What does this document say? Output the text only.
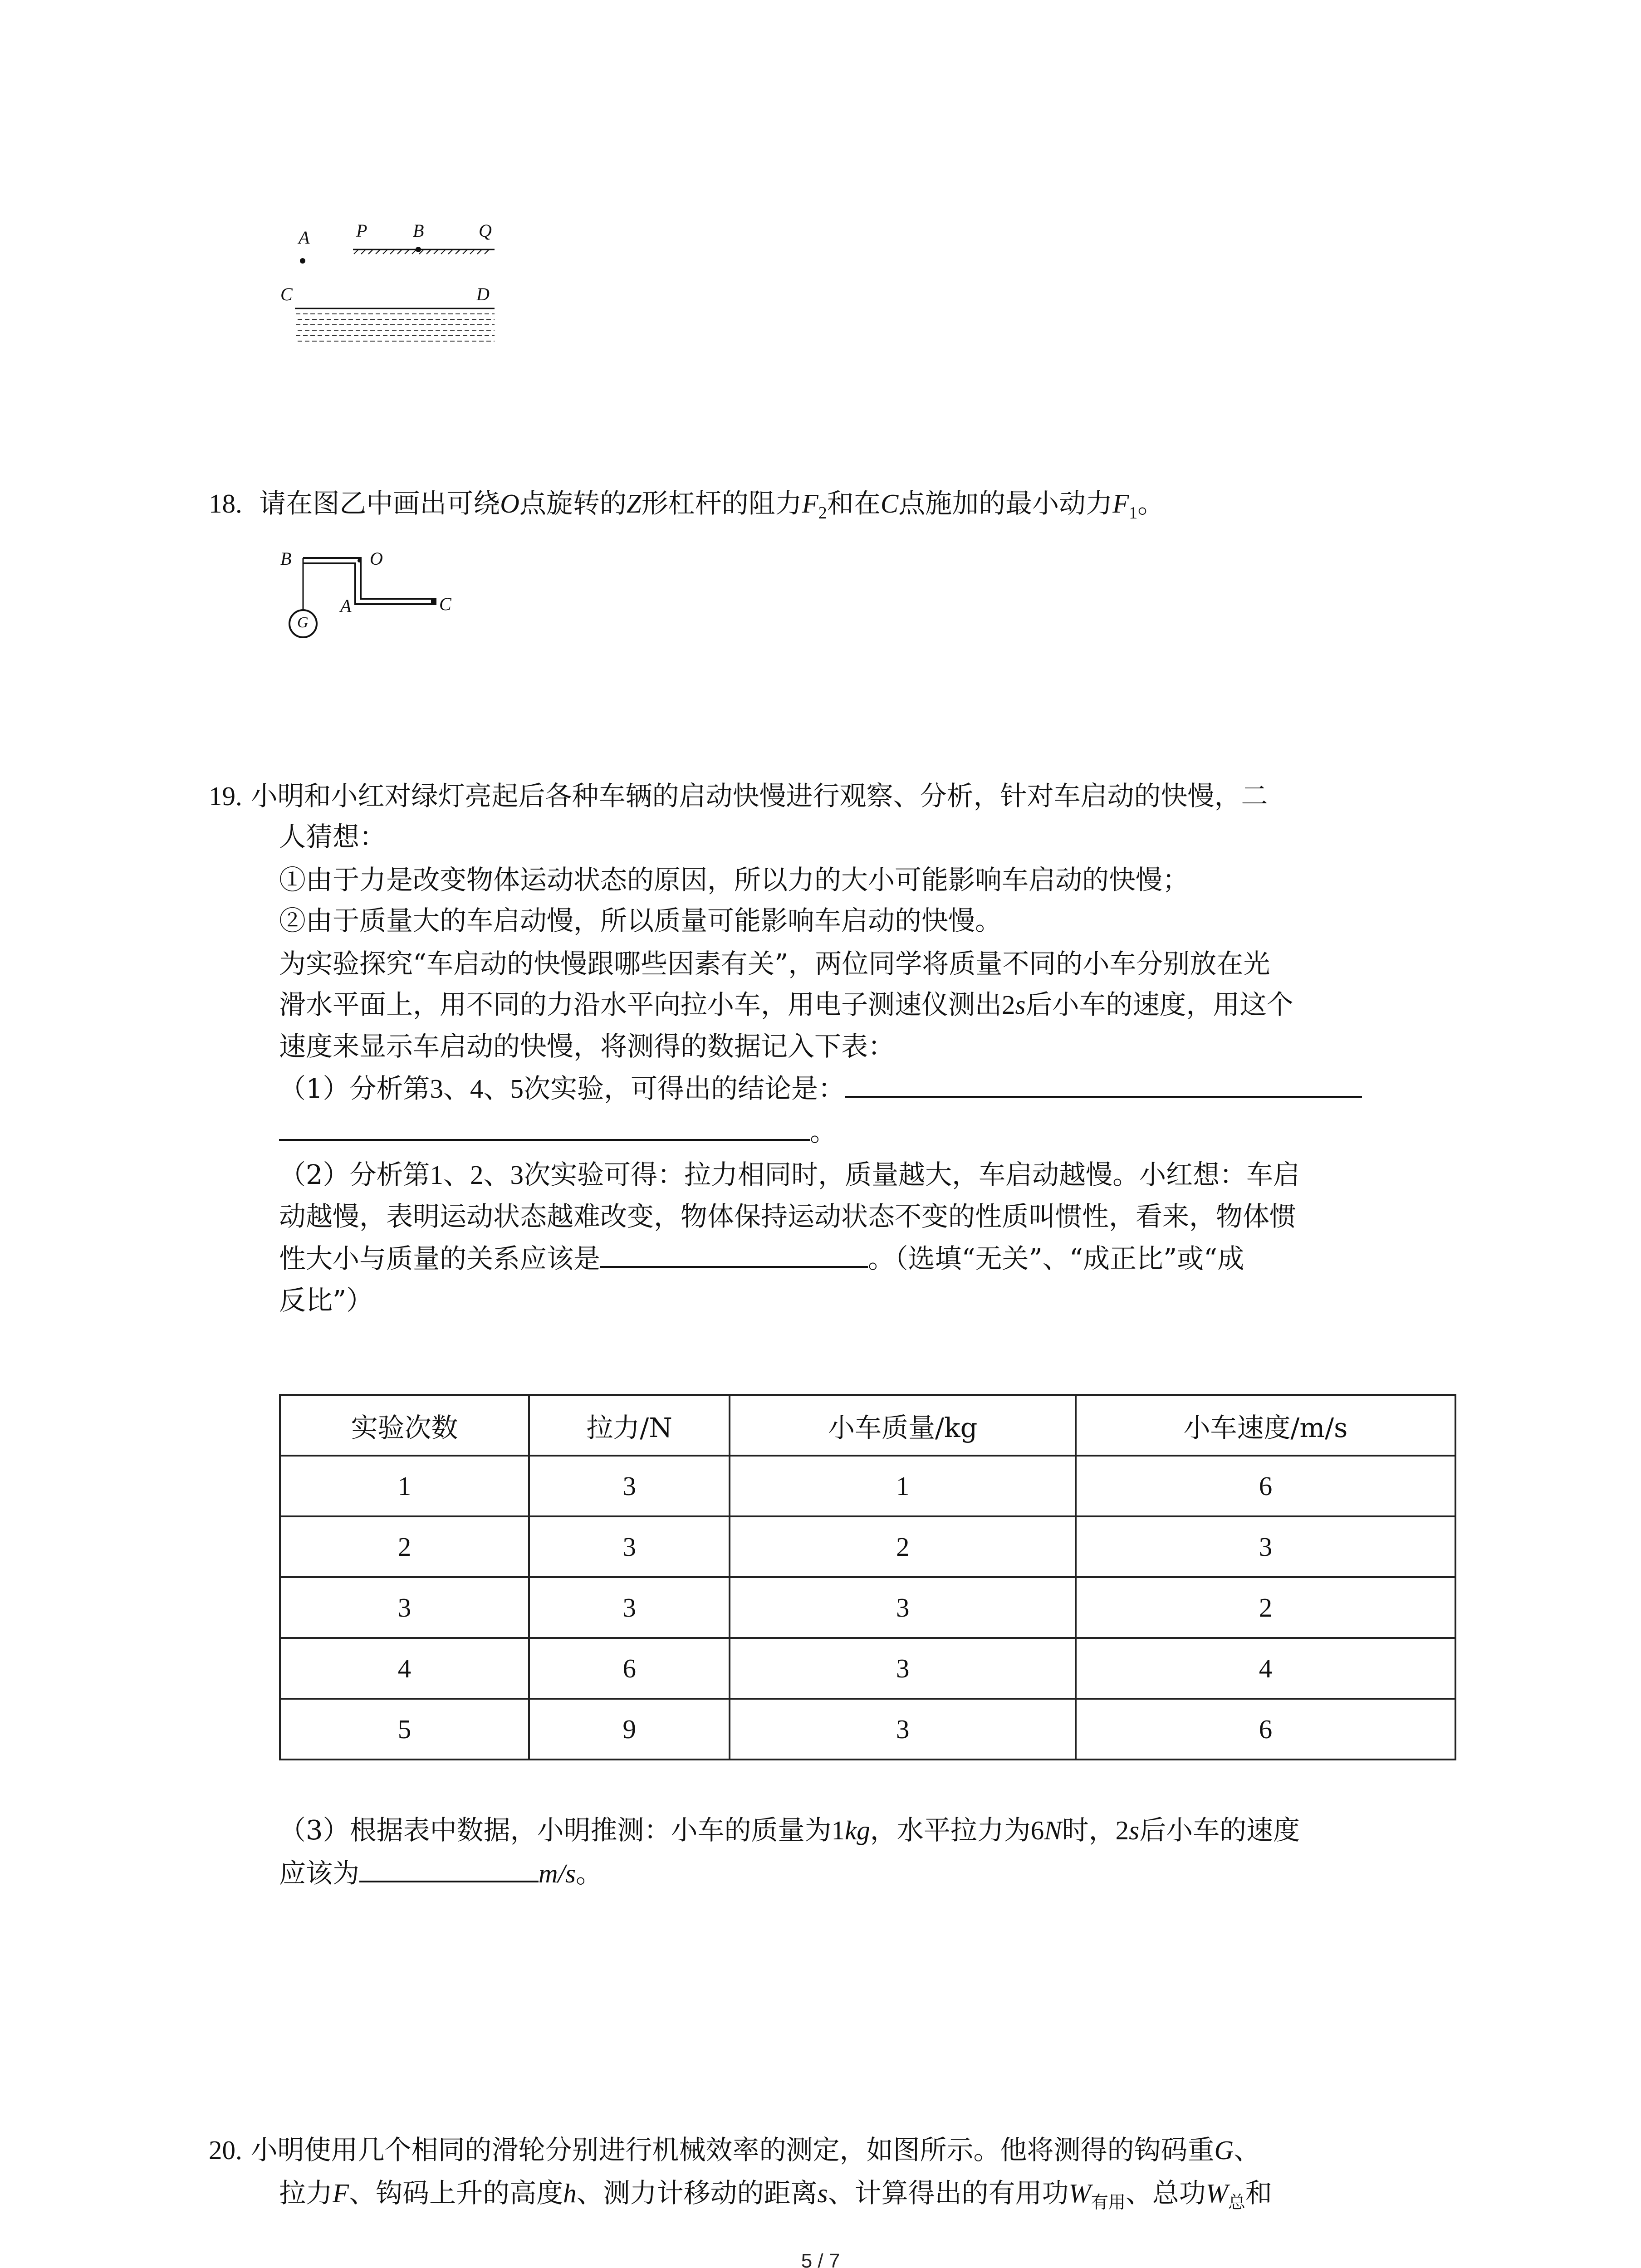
A	P	B	Q
C	D
18. 请在图乙中画出可绕O点旋转的Z形杠杆的阻力$F_2$和在C点施加的最小动力$F_1$。
B	O
A	C
G
19. 小明和小红对绿灯亮起后各种车辆的启动快慢进行观察、分析，针对车启动的快慢，二
人猜想：
①由于力是改变物体运动状态的原因，所以力的大小可能影响车启动的快慢；
②由于质量大的车启动慢，所以质量可能影响车启动的快慢。
为实验探究“车启动的快慢跟哪些因素有关”，两位同学将质量不同的小车分别放在光
滑水平面上，用不同的力沿水平向拉小车，用电子测速仪测出2s后小车的速度，用这个
速度来显示车启动的快慢，将测得的数据记入下表：
（1）分析第3、4、5次实验，可得出的结论是：
。
（2）分析第1、2、3次实验可得：拉力相同时，质量越大，车启动越慢。小红想：车启
动越慢，表明运动状态越难改变，物体保持运动状态不变的性质叫惯性，看来，物体惯
性大小与质量的关系应该是	。（选填“无关”、“成正比”或“成
反比”）
实验次数	拉力/N	小车质量/kg	小车速度/m/s
1	3	1	6
2	3	2	3
3	3	3	2
4	6	3	4
5	9	3	6
（3）根据表中数据，小明推测：小车的质量为1kg，水平拉力为6N时，2s后小车的速度
应该为	m/s。
20. 小明使用几个相同的滑轮分别进行机械效率的测定，如图所示。他将测得的钩码重G、
拉力F、钩码上升的高度h、测力计移动的距离s、计算得出的有用功$W_{有用}$、总功$W_总$和
5 / 7
